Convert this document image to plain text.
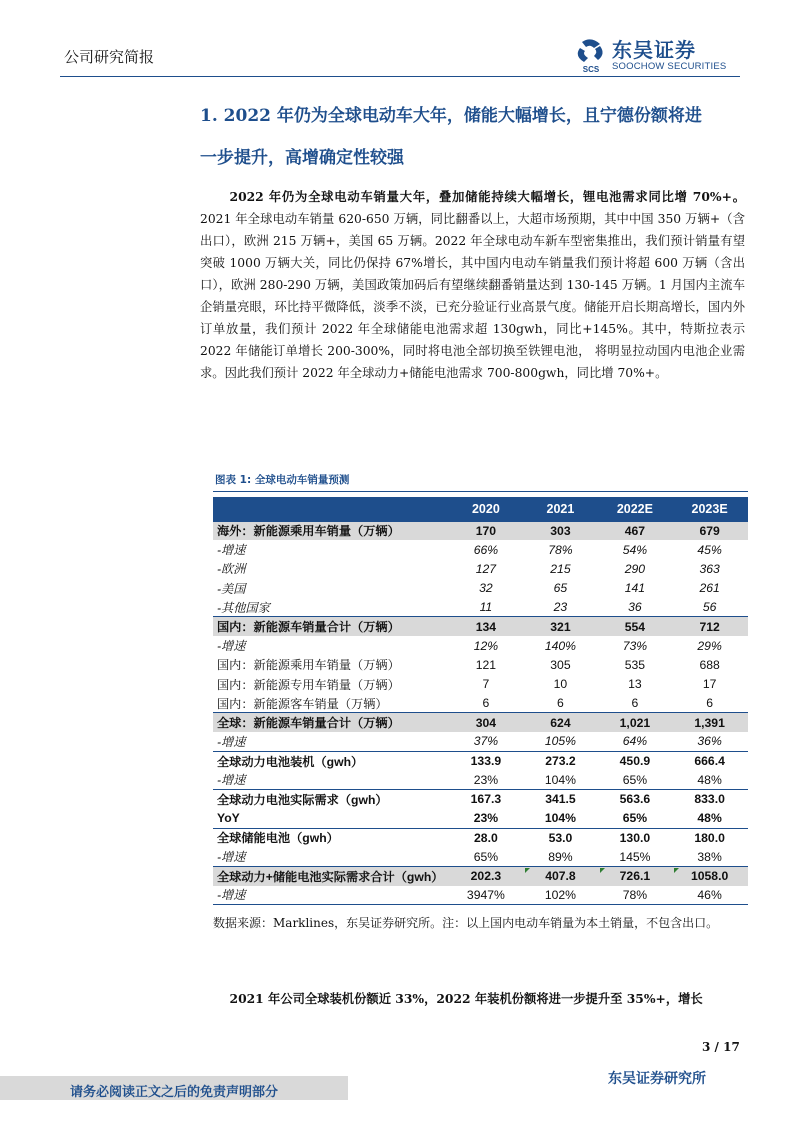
公司研究简报
SCS
东吴证券
SOOCHOW SECURITIES
1. 2022 年仍为全球电动车大年，储能大幅增长，且宁德份额将进
一步提升，高增确定性较强
2022 年仍为全球电动车销量大年，叠加储能持续大幅增长，锂电池需求同比增 70%+。2021 年全球电动车销量 620-650 万辆，同比翻番以上，大超市场预期，其中中国 350 万辆+（含出口），欧洲 215 万辆+，美国 65 万辆。2022 年全球电动车新车型密集推出，我们预计销量有望突破 1000 万辆大关，同比仍保持 67%增长，其中国内电动车销量我们预计将超 600 万辆（含出口），欧洲 280-290 万辆，美国政策加码后有望继续翻番销量达到 130-145 万辆。1 月国内主流车企销量亮眼，环比持平微降低，淡季不淡，已充分验证行业高景气度。储能开启长期高增长，国内外订单放量，我们预计 2022 年全球储能电池需求超 130gwh，同比+145%。其中，特斯拉表示 2022 年储能订单增长 200-300%，同时将电池全部切换至铁锂电池， 将明显拉动国内电池企业需求。因此我们预计 2022 年全球动力+储能电池需求 700-800gwh，同比增 70%+。
图表 1: 全球电动车销量预测
	2020	2021	2022E	2023E
海外：新能源乘用车销量（万辆）	170	303	467	679
-增速	66%	78%	54%	45%
-欧洲	127	215	290	363
-美国	32	65	141	261
-其他国家	11	23	36	56
国内：新能源车销量合计（万辆）	134	321	554	712
-增速	12%	140%	73%	29%
国内：新能源乘用车销量（万辆）	121	305	535	688
国内：新能源专用车销量（万辆）	7	10	13	17
国内：新能源客车销量（万辆）	6	6	6	6
全球：新能源车销量合计（万辆）	304	624	1,021	1,391
-增速	37%	105%	64%	36%
全球动力电池装机（gwh）	133.9	273.2	450.9	666.4
-增速	23%	104%	65%	48%
全球动力电池实际需求（gwh）	167.3	341.5	563.6	833.0
YoY	23%	104%	65%	48%
全球储能电池（gwh）	28.0	53.0	130.0	180.0
-增速	65%	89%	145%	38%
全球动力+储能电池实际需求合计（gwh）	202.3	407.8	726.1	1058.0
-增速	3947%	102%	78%	46%
数据来源：Marklines，东吴证券研究所。注：以上国内电动车销量为本土销量，不包含出口。
2021 年公司全球装机份额近 33%，2022 年装机份额将进一步提升至 35%+，增长
3 / 17
请务必阅读正文之后的免责声明部分
东吴证券研究所
